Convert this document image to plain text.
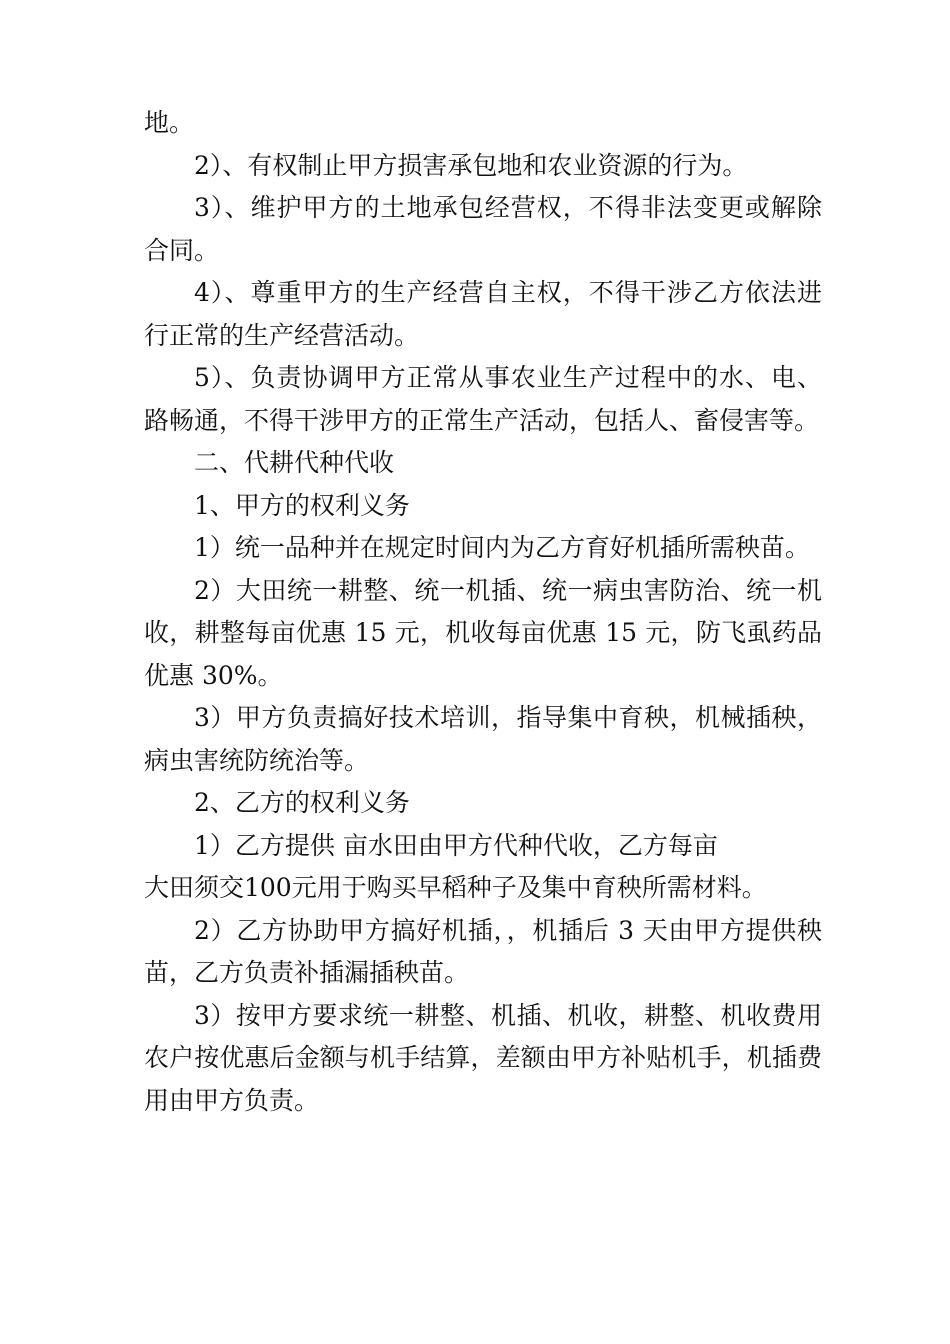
地。

2）、有权制止甲方损害承包地和农业资源的行为。

3）、维护甲方的土地承包经营权，不得非法变更或解除合同。

4）、尊重甲方的生产经营自主权，不得干涉乙方依法进行正常的生产经营活动。

5）、负责协调甲方正常从事农业生产过程中的水、电、 路畅通，不得干涉甲方的正常生产活动，包括人、畜侵害等。

二、代耕代种代收

1、甲方的权利义务

1）统一品种并在规定时间内为乙方育好机插所需秧苗。

2）大田统一耕整、统一机插、统一病虫害防治、统一机收，耕整每亩优惠 15 元，机收每亩优惠 15 元，防飞虱药品优惠 30%。

3）甲方负责搞好技术培训，指导集中育秧，机械插秧， 病虫害统防统治等。

2、乙方的权利义务

1）乙方提供 亩水田由甲方代种代收，乙方每亩

大田须交100元用于购买早稻种子及集中育秧所需材料。

2）乙方协助甲方搞好机插，，机插后 3 天由甲方提供秧苗，乙方负责补插漏插秧苗。

3）按甲方要求统一耕整、机插、机收，耕整、机收费用农户按优惠后金额与机手结算，差额由甲方补贴机手，机插费用由甲方负责。
